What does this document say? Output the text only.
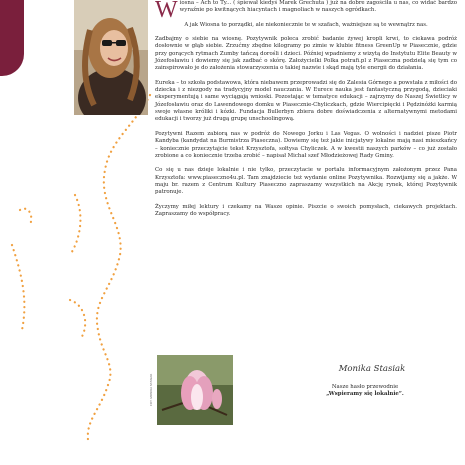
Wiosna – Ach to Ty... ( śpiewał kiedyś Marek Grechuta ) już na dobre zagościła u nas, co widać bardzo wyraźnie po kwitnących hiacyntach i magnoliach w naszych ogródkach.

A jak Wiosna to porządki, ale niekoniecznie te w szafach, ważniejsze są te wewnątrz nas.

Zadbajmy o siebie na wiosnę. Pozytywnik poleca zrobić badanie żywej kropli krwi, to ciekawa podróż dosłownie w głąb siebie. Zrzućmy zbędne kilogramy po zimie w klubie fitness GreenUp w Piasecznie, gdzie przy gorących rytmach Zumby tańczą dorośli i dzieci. Później wpadniemy z wizytą do Instytutu Elite Beauty w Józefosławiu i dowiemy się jak zadbać o skórę. Założycielki Polka potrafi.pl z Piaseczna podzielą się tym co zainspirowało je do założenia stowarzyszenia o takiej nazwie i skąd mają tyle energii do działania.

Eureka – to szkoła podstawowa, która niebawem przeprowadzi się do Zalesia Górnego a powstała z miłości do dziecka i z niezgody na tradycyjny model nauczania. W Eurece nauka jest fantastyczną przygodą, dzieciaki eksperymentują i same wyciągają wnioski. Pozostając w tematyce edukacji – zajrzymy do Naszej Świetlicy w Józefosławiu oraz do Lawendowego domku w Piasecznie-Chyliczkach, gdzie Wiercipięcki i Pędzinóżki karmią swoje własne króliki i kózki. Fundacja Bullerbyn zbiera dobre doświadczenia z alternatywnymi metodami edukacji i tworzy już drugą grupę unschoolingową.

Pozytywni Razem zabiorą nas w podróż do Nowego Jorku i Las Vegas. O wolności i nadziei pisze Piotr Kandyba (kandydat na Burmistrza Piaseczna). Dowiemy się też jakie inicjatywy lokalne mają nasi mieszkańcy – koniecznie przeczytajcie tekst Krzysztofa, sołtysa Chyliczek. A w kwestii naszych parków – co już zostało zrobione a co koniecznie trzeba zrobić – napisał Michał szef Młodzieżowej Rady Gminy.

Co się u nas dzieje lokalnie i nie tylko, przeczytacie w portalu informacyjnym założonym przez Pana Krzysztofa: www.piaseczno4u.pl. Tam znajdziecie też wydanie online Pozytywnika. Rozwijamy się a jakże. W maju br. razem z Centrum Kultury Piaseczno zapraszamy wszystkich na Akcję rynek, której Pozytywnik patronuje.

Życzymy miłej lektury i czekamy na Wasze opinie. Piszcie o swoich pomysłach, ciekawych projektach. Zapraszamy do współpracy.

FOT. MONIKA STASIAK
Monika Stasiak
Nasze hasło przewodnie
„Wspieramy się lokalnie”.
